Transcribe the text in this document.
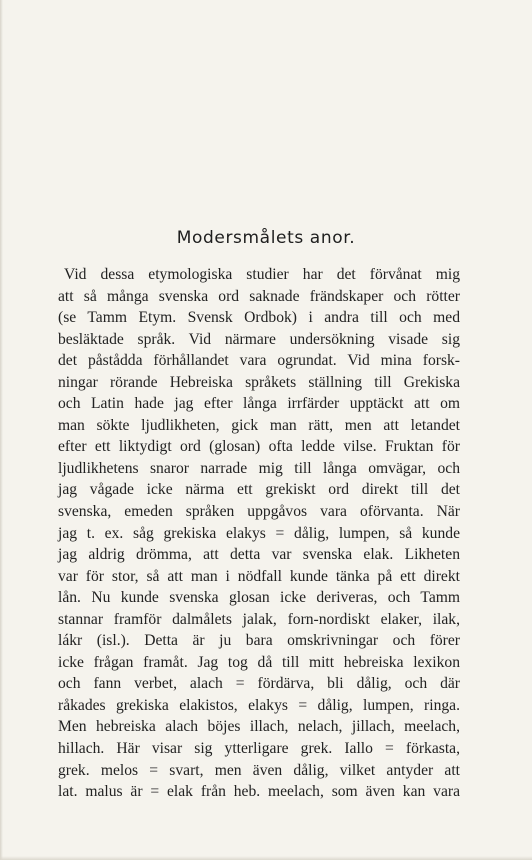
Modersmålets anor.
Vid dessa etymologiska studier har det förvånat mig
att så många svenska ord saknade frändskaper och rötter
(se Tamm Etym. Svensk Ordbok) i andra till och med
besläktade språk. Vid närmare undersökning visade sig
det påstådda förhållandet vara ogrundat. Vid mina forsk-
ningar rörande Hebreiska språkets ställning till Grekiska
och Latin hade jag efter långa irrfärder upptäckt att om
man sökte ljudlikheten, gick man rätt, men att letandet
efter ett liktydigt ord (glosan) ofta ledde vilse. Fruktan för
ljudlikhetens snaror narrade mig till långa omvägar, och
jag vågade icke närma ett grekiskt ord direkt till det
svenska, emeden språken uppgåvos vara oförvanta. När
jag t. ex. såg grekiska elakys = dålig, lumpen, så kunde
jag aldrig drömma, att detta var svenska elak. Likheten
var för stor, så att man i nödfall kunde tänka på ett direkt
lån. Nu kunde svenska glosan icke deriveras, och Tamm
stannar framför dalmålets jalak, forn-nordiskt elaker, ilak,
lákr (isl.). Detta är ju bara omskrivningar och förer
icke frågan framåt. Jag tog då till mitt hebreiska lexikon
och fann verbet, alach = fördärva, bli dålig, och där
råkades grekiska elakistos, elakys = dålig, lumpen, ringa.
Men hebreiska alach böjes illach, nelach, jillach, meelach,
hillach. Här visar sig ytterligare grek. Iallo = förkasta,
grek. melos = svart, men även dålig, vilket antyder att
lat. malus är = elak från heb. meelach, som även kan vara
